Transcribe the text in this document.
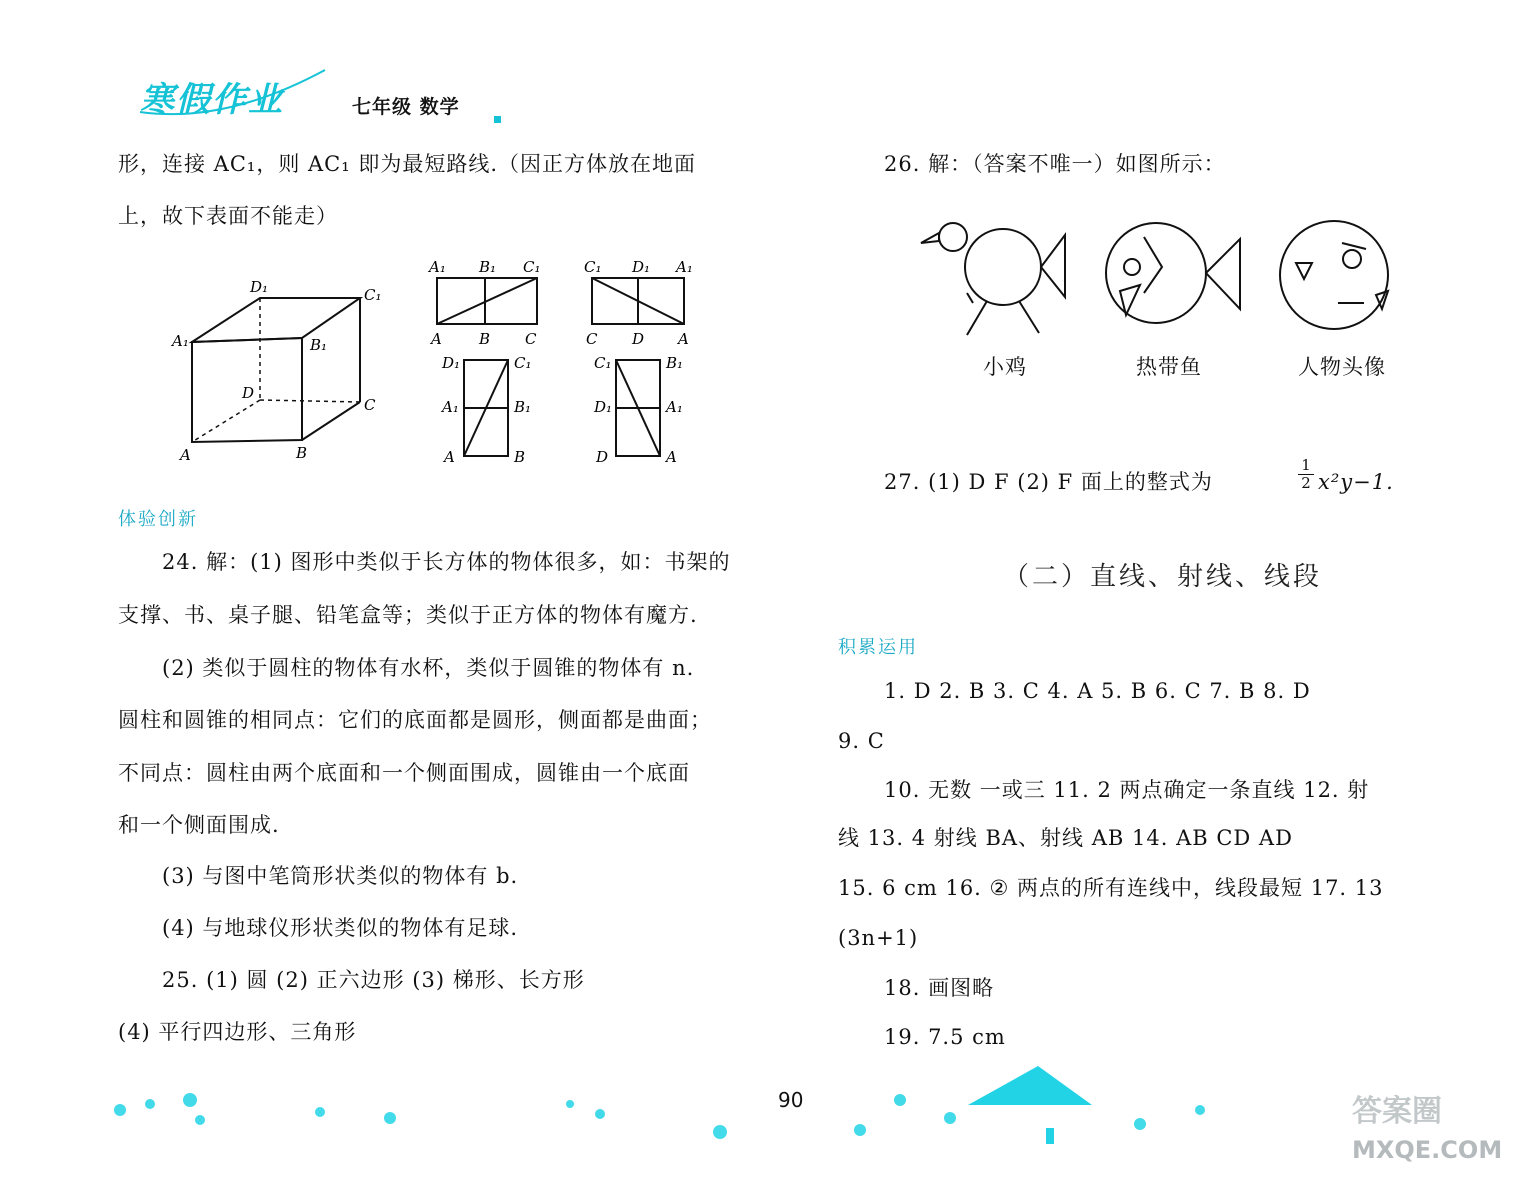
寒假作业	七年级 数学
形，连接 AC₁，则 AC₁ 即为最短路线.（因正方体放在地面
上，故下表面不能走）
D₁	C₁
A₁	B₁
D
C
A	B
A₁ B₁ C₁
A B C
C₁ D₁ A₁
C D A
D₁
A₁
A
C₁
B₁
B
C₁
D₁
D
B₁
A₁
A
体验创新
24. 解：(1) 图形中类似于长方体的物体很多，如：书架的
支撑、书、桌子腿、铅笔盒等；类似于正方体的物体有魔方.
(2) 类似于圆柱的物体有水杯，类似于圆锥的物体有 n.
圆柱和圆锥的相同点：它们的底面都是圆形，侧面都是曲面；
不同点：圆柱由两个底面和一个侧面围成，圆锥由一个底面
和一个侧面围成.
(3) 与图中笔筒形状类似的物体有 b.
(4) 与地球仪形状类似的物体有足球.
25. (1) 圆 (2) 正六边形 (3) 梯形、长方形
(4) 平行四边形、三角形
26. 解：（答案不唯一）如图所示：
小鸡	热带鱼	人物头像
27. (1) D F (2) F 面上的整式为
1
2 x²y−1.
（二）直线、射线、线段
积累运用
1. D 2. B 3. C 4. A 5. B 6. C 7. B 8. D
9. C
10. 无数 一或三 11. 2 两点确定一条直线 12. 射
线 13. 4 射线 BA、射线 AB 14. AB CD AD
15. 6 cm 16. ② 两点的所有连线中，线段最短 17. 13
(3n+1)
18. 画图略
19. 7.5 cm
90	答案圈
MXQE.COM
